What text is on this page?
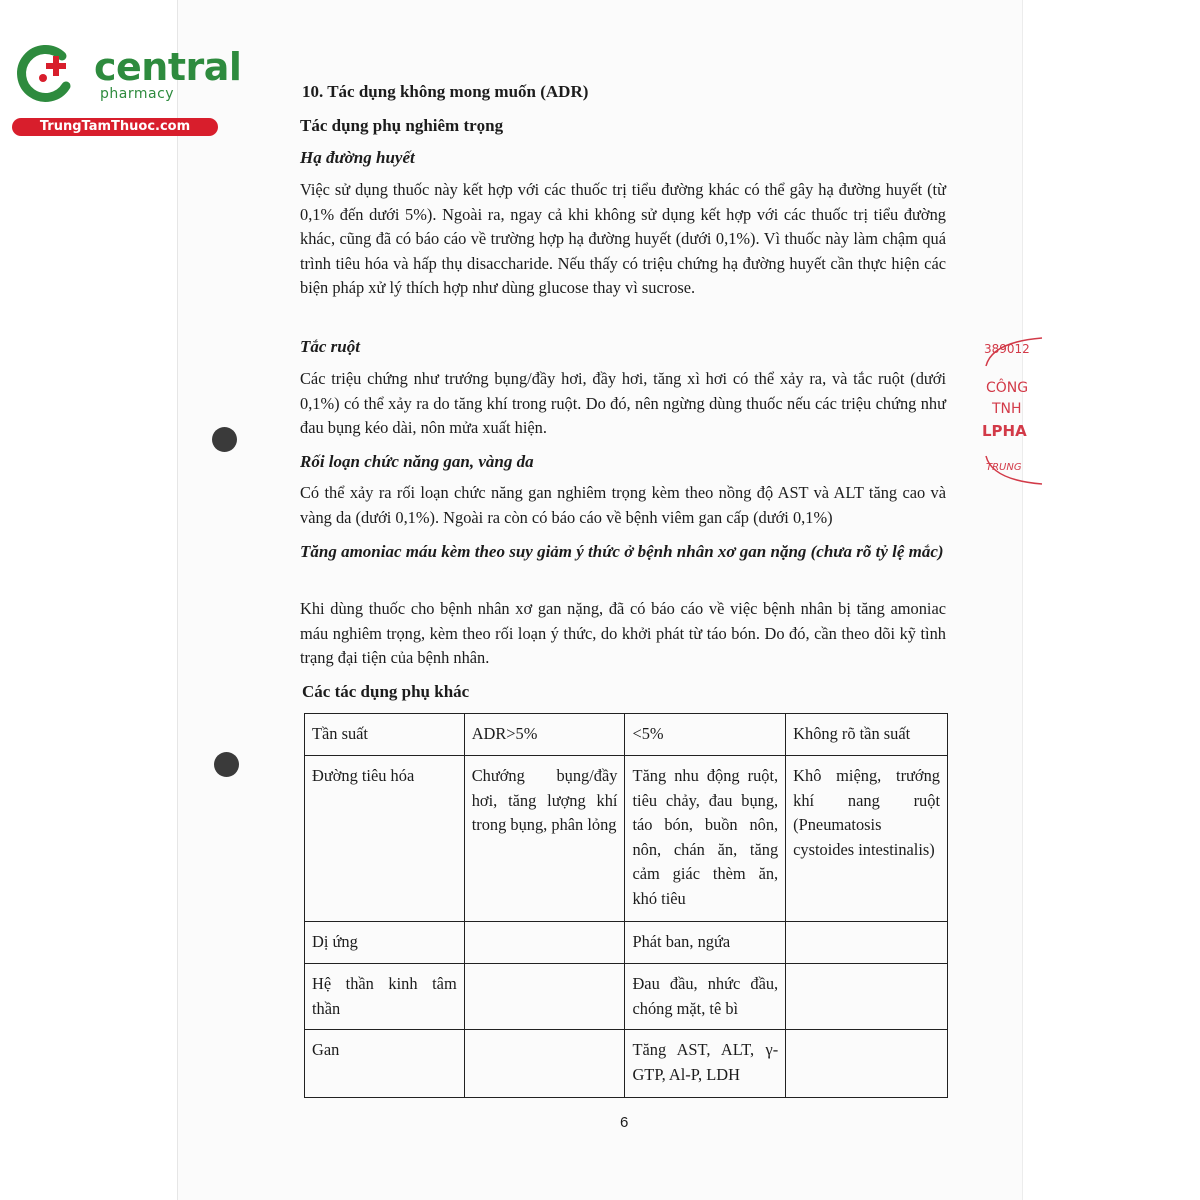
central
pharmacy
TrungTamThuoc.com
389012
CÔNG
TNH
LPHA
TRUNG
10. Tác dụng không mong muốn (ADR)
Tác dụng phụ nghiêm trọng
Hạ đường huyết
Việc sử dụng thuốc này kết hợp với các thuốc trị tiểu đường khác có thể gây hạ đường huyết (từ 0,1% đến dưới 5%). Ngoài ra, ngay cả khi không sử dụng kết hợp với các thuốc trị tiểu đường khác, cũng đã có báo cáo về trường hợp hạ đường huyết (dưới 0,1%). Vì thuốc này làm chậm quá trình tiêu hóa và hấp thụ disaccharide. Nếu thấy có triệu chứng hạ đường huyết cần thực hiện các biện pháp xử lý thích hợp như dùng glucose thay vì sucrose.
Tắc ruột
Các triệu chứng như trướng bụng/đầy hơi, đầy hơi, tăng xì hơi có thể xảy ra, và tắc ruột (dưới 0,1%) có thể xảy ra do tăng khí trong ruột. Do đó, nên ngừng dùng thuốc nếu các triệu chứng như đau bụng kéo dài, nôn mửa xuất hiện.
Rối loạn chức năng gan, vàng da
Có thể xảy ra rối loạn chức năng gan nghiêm trọng kèm theo nồng độ AST và ALT tăng cao và vàng da (dưới 0,1%). Ngoài ra còn có báo cáo về bệnh viêm gan cấp (dưới 0,1%)
Tăng amoniac máu kèm theo suy giảm ý thức ở bệnh nhân xơ gan nặng (chưa rõ tỷ lệ mắc)
Khi dùng thuốc cho bệnh nhân xơ gan nặng, đã có báo cáo về việc bệnh nhân bị tăng amoniac máu nghiêm trọng, kèm theo rối loạn ý thức, do khởi phát từ táo bón. Do đó, cần theo dõi kỹ tình trạng đại tiện của bệnh nhân.
Các tác dụng phụ khác
Tần suất	ADR>5%	<5%	Không rõ tần suất
Đường tiêu hóa	Chướng bụng/đầy hơi, tăng lượng khí trong bụng, phân lỏng	Tăng nhu động ruột, tiêu chảy, đau bụng, táo bón, buồn nôn, nôn, chán ăn, tăng cảm giác thèm ăn, khó tiêu	Khô miệng, trướng khí nang ruột (Pneumatosis cystoides intestinalis)
Dị ứng		Phát ban, ngứa	
Hệ thần kinh tâm thần		Đau đầu, nhức đầu, chóng mặt, tê bì	
Gan		Tăng AST, ALT, γ-GTP, Al-P, LDH	
6
